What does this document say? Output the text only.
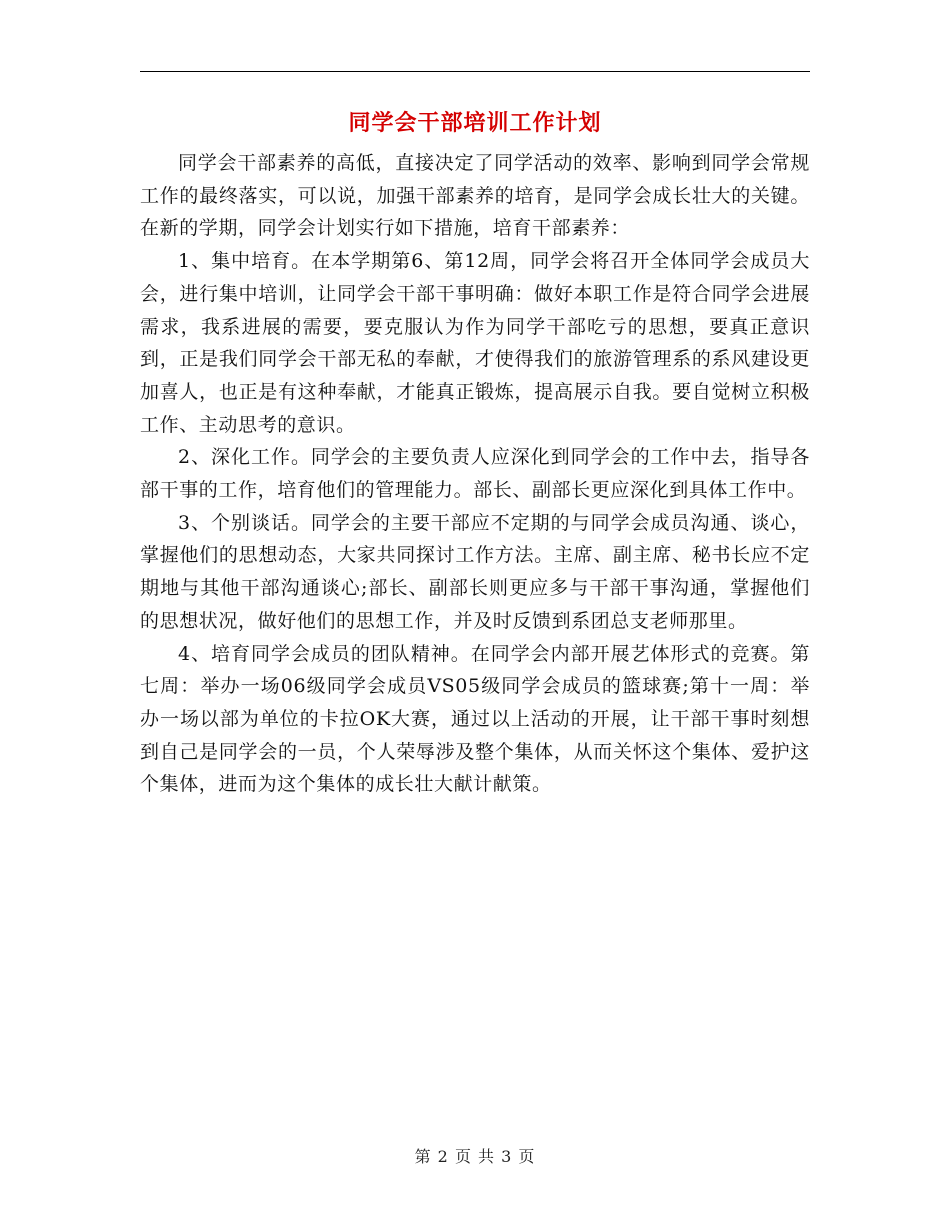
同学会干部培训工作计划

同学会干部素养的高低，直接决定了同学活动的效率、影响到同学会常规工作的最终落实，可以说，加强干部素养的培育，是同学会成长壮大的关键。在新的学期，同学会计划实行如下措施，培育干部素养：

1、集中培育。在本学期第6、第12周，同学会将召开全体同学会成员大会，进行集中培训，让同学会干部干事明确：做好本职工作是符合同学会进展需求，我系进展的需要，要克服认为作为同学干部吃亏的思想，要真正意识到，正是我们同学会干部无私的奉献，才使得我们的旅游管理系的系风建设更加喜人，也正是有这种奉献，才能真正锻炼，提高展示自我。要自觉树立积极工作、主动思考的意识。

2、深化工作。同学会的主要负责人应深化到同学会的工作中去，指导各部干事的工作，培育他们的管理能力。部长、副部长更应深化到具体工作中。

3、个别谈话。同学会的主要干部应不定期的与同学会成员沟通、谈心，掌握他们的思想动态，大家共同探讨工作方法。主席、副主席、秘书长应不定期地与其他干部沟通谈心;部长、副部长则更应多与干部干事沟通，掌握他们的思想状况，做好他们的思想工作，并及时反馈到系团总支老师那里。

4、培育同学会成员的团队精神。在同学会内部开展艺体形式的竞赛。第七周：举办一场06级同学会成员VS05级同学会成员的篮球赛;第十一周：举办一场以部为单位的卡拉OK大赛，通过以上活动的开展，让干部干事时刻想到自己是同学会的一员，个人荣辱涉及整个集体，从而关怀这个集体、爱护这个集体，进而为这个集体的成长壮大献计献策。

第 2 页 共 3 页
